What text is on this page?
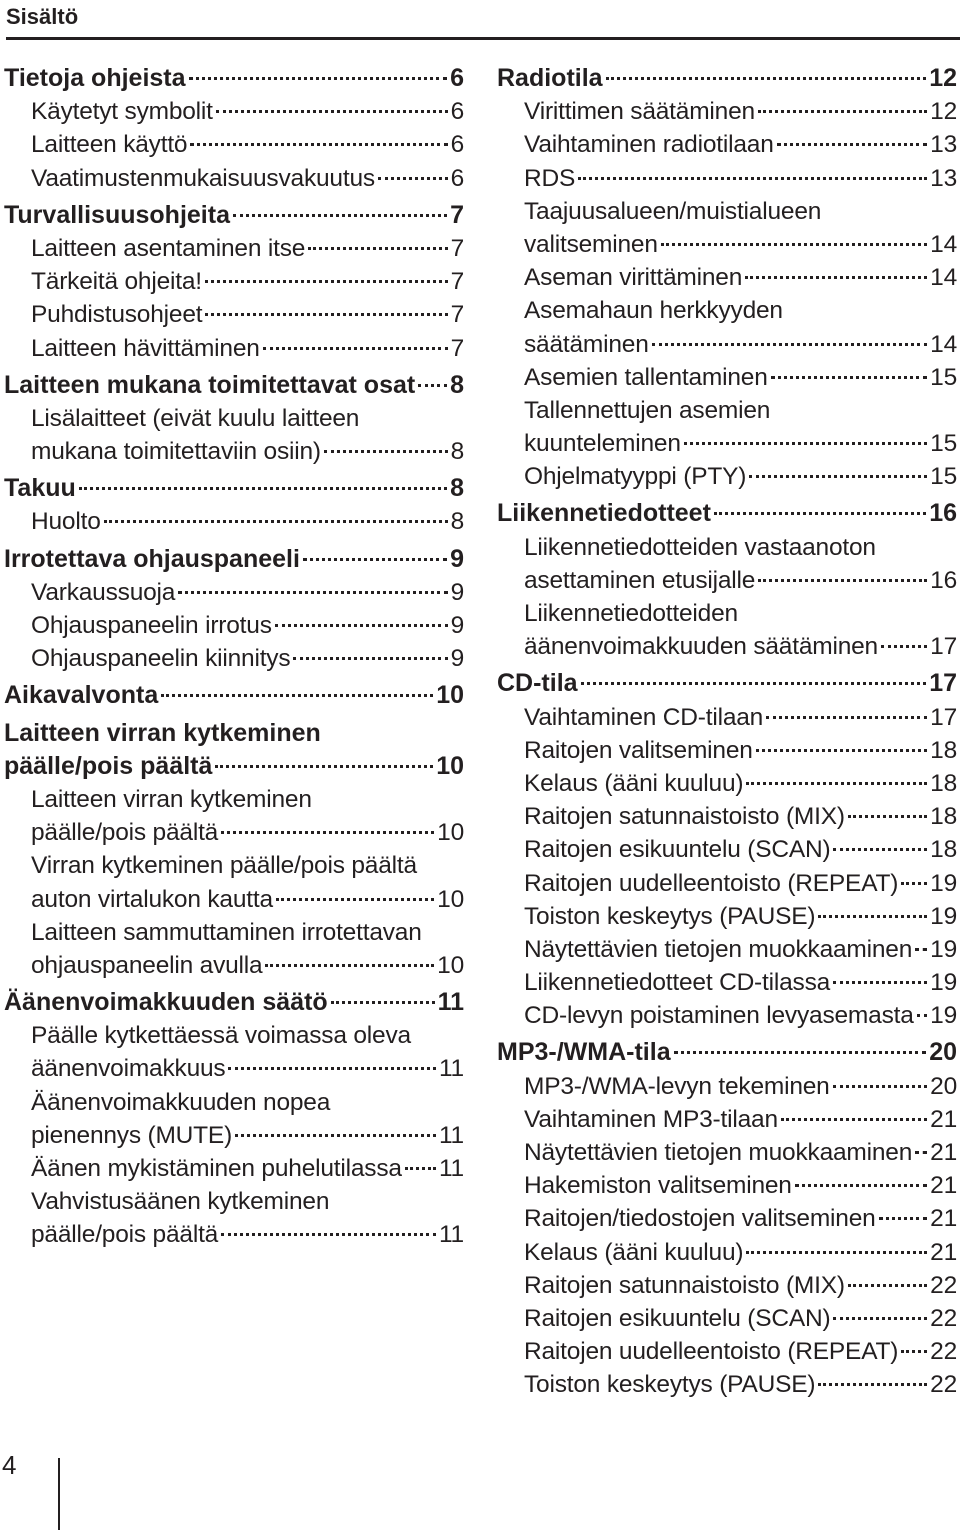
Sisältö
Tietoja ohjeista	6
Käytetyt symbolit	6
Laitteen käyttö	6
Vaatimustenmukaisuusvakuutus	6
Turvallisuusohjeita	7
Laitteen asentaminen itse	7
Tärkeitä ohjeita!	7
Puhdistusohjeet	7
Laitteen hävittäminen	7
Laitteen mukana toimitettavat osat 8
Lisälaitteet (eivät kuulu laitteen
mukana toimitettaviin osiin)	8
Takuu	8
Huolto	8
Irrotettava ohjauspaneeli	9
Varkaussuoja	9
Ohjauspaneelin irrotus	9
Ohjauspaneelin kiinnitys	9
Aikavalvonta	10
Laitteen virran kytkeminen
päälle/pois päältä	10
Laitteen virran kytkeminen
päälle/pois päältä	10
Virran kytkeminen päälle/pois päältä
auton virtalukon kautta	10
Laitteen sammuttaminen irrotettavan
ohjauspaneelin avulla	10
Äänenvoimakkuuden säätö	11
Päälle kytkettäessä voimassa oleva
äänenvoimakkuus	11
Äänenvoimakkuuden nopea
pienennys (MUTE)	11
Äänen mykistäminen puhelutilassa 11
Vahvistusäänen kytkeminen
päälle/pois päältä	11
Radiotila	12
Virittimen säätäminen	12
Vaihtaminen radiotilaan	13
RDS	13
Taajuusalueen/muistialueen
valitseminen	14
Aseman virittäminen	14
Asemahaun herkkyyden
säätäminen	14
Asemien tallentaminen	15
Tallennettujen asemien
kuunteleminen	15
Ohjelmatyyppi (PTY)	15
Liikennetiedotteet	16
Liikennetiedotteiden vastaanoton
asettaminen etusijalle	16
Liikennetiedotteiden
äänenvoimakkuuden säätäminen 17
CD-tila	17
Vaihtaminen CD-tilaan	17
Raitojen valitseminen	18
Kelaus (ääni kuuluu)	18
Raitojen satunnaistoisto (MIX)	18
Raitojen esikuuntelu (SCAN)	18
Raitojen uudelleentoisto (REPEAT) 19
Toiston keskeytys (PAUSE)	19
Näytettävien tietojen muokkaaminen 19
Liikennetiedotteet CD-tilassa	19
CD-levyn poistaminen levyasemasta 19
MP3-/WMA-tila	20
MP3-/WMA-levyn tekeminen	20
Vaihtaminen MP3-tilaan	21
Näytettävien tietojen muokkaaminen 21
Hakemiston valitseminen	21
Raitojen/tiedostojen valitseminen 21
Kelaus (ääni kuuluu)	21
Raitojen satunnaistoisto (MIX)	22
Raitojen esikuuntelu (SCAN)	22
Raitojen uudelleentoisto (REPEAT) 22
Toiston keskeytys (PAUSE)	22
4
